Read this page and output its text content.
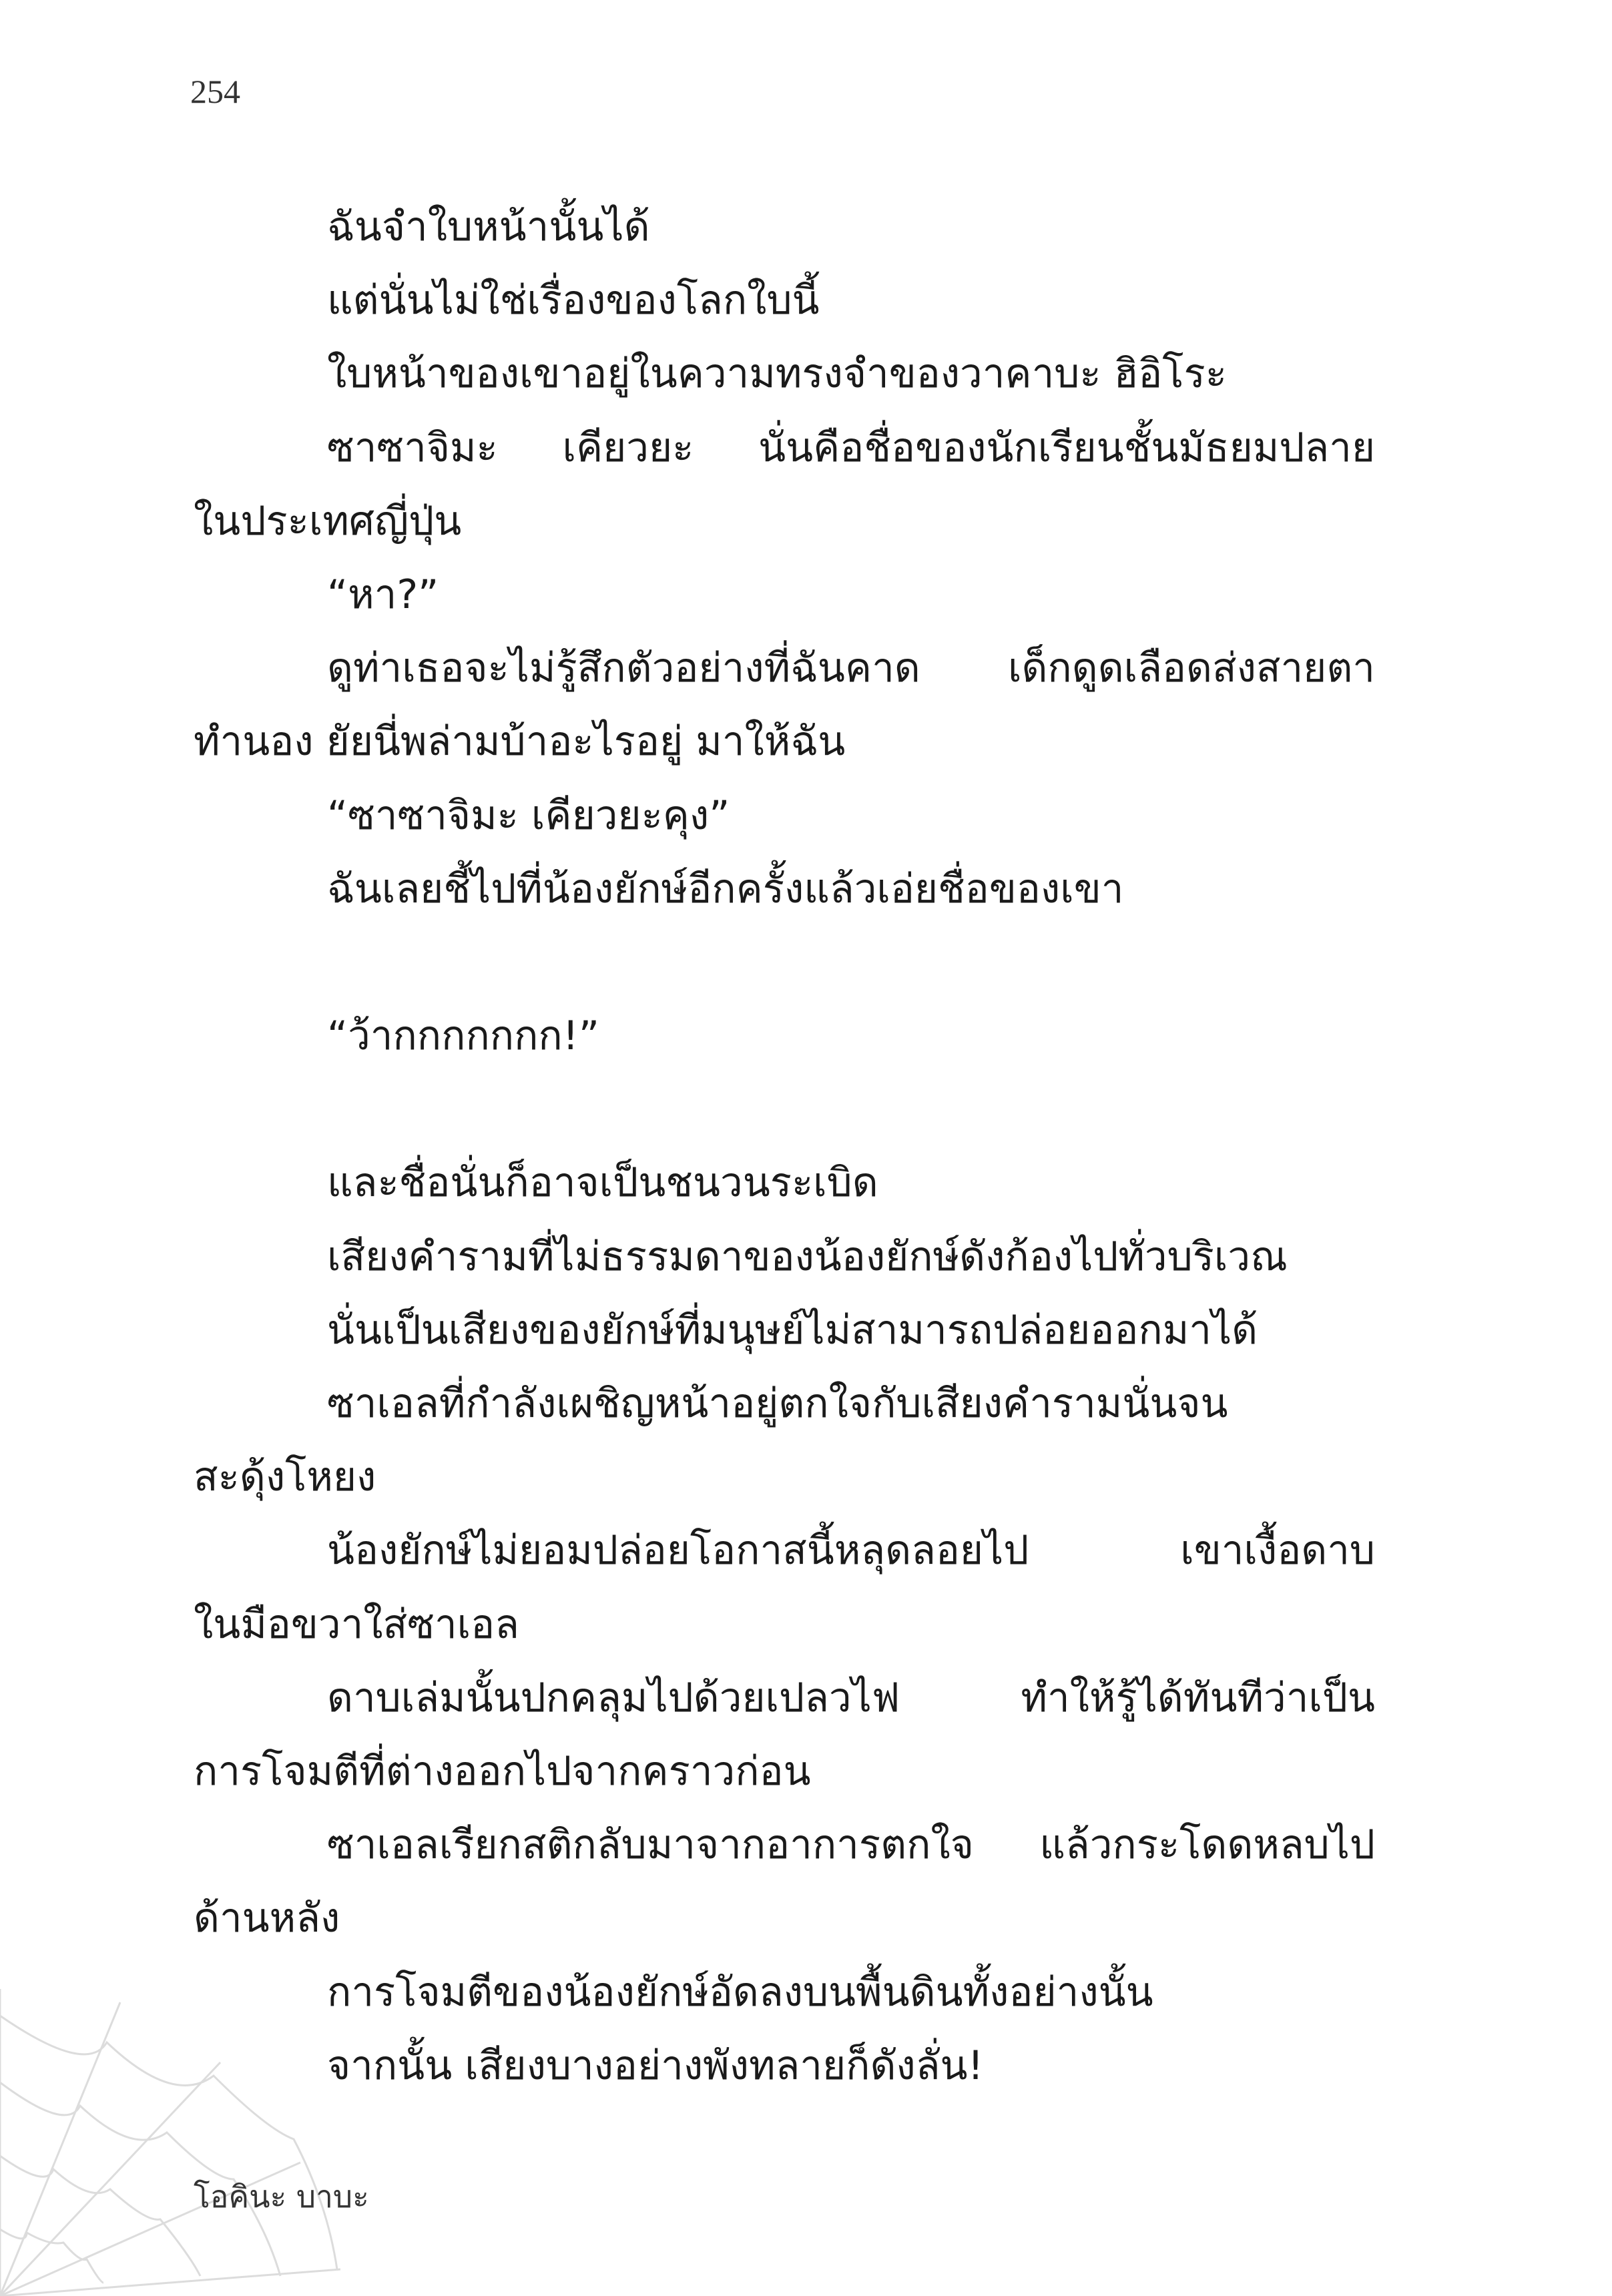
254
ฉันจำใบหน้านั้นได้
แต่นั่นไม่ใช่เรื่องของโลกใบนี้
ใบหน้าของเขาอยู่ในความทรงจำของวาคาบะ ฮิอิโระ
ซาซาจิมะ เคียวยะ นั่นคือชื่อของนักเรียนชั้นมัธยมปลาย
ในประเทศญี่ปุ่น
“หา?”
ดูท่าเธอจะไม่รู้สึกตัวอย่างที่ฉันคาด เด็กดูดเลือดส่งสายตา
ทำนอง ยัยนี่พล่ามบ้าอะไรอยู่ มาให้ฉัน
“ซาซาจิมะ เคียวยะคุง”
ฉันเลยชี้ไปที่น้องยักษ์อีกครั้งแล้วเอ่ยชื่อของเขา
“ว้ากกกกกกก!”
และชื่อนั่นก็อาจเป็นชนวนระเบิด
เสียงคำรามที่ไม่ธรรมดาของน้องยักษ์ดังก้องไปทั่วบริเวณ
นั่นเป็นเสียงของยักษ์ที่มนุษย์ไม่สามารถปล่อยออกมาได้
ซาเอลที่กำลังเผชิญหน้าอยู่ตกใจกับเสียงคำรามนั่นจน
สะดุ้งโหยง
น้องยักษ์ไม่ยอมปล่อยโอกาสนี้หลุดลอยไป เขาเงื้อดาบ
ในมือขวาใส่ซาเอล
ดาบเล่มนั้นปกคลุมไปด้วยเปลวไฟ ทำให้รู้ได้ทันทีว่าเป็น
การโจมตีที่ต่างออกไปจากคราวก่อน
ซาเอลเรียกสติกลับมาจากอาการตกใจ แล้วกระโดดหลบไป
ด้านหลัง
การโจมตีของน้องยักษ์อัดลงบนพื้นดินทั้งอย่างนั้น
จากนั้น เสียงบางอย่างพังทลายก็ดังลั่น!
โอคินะ บาบะ
